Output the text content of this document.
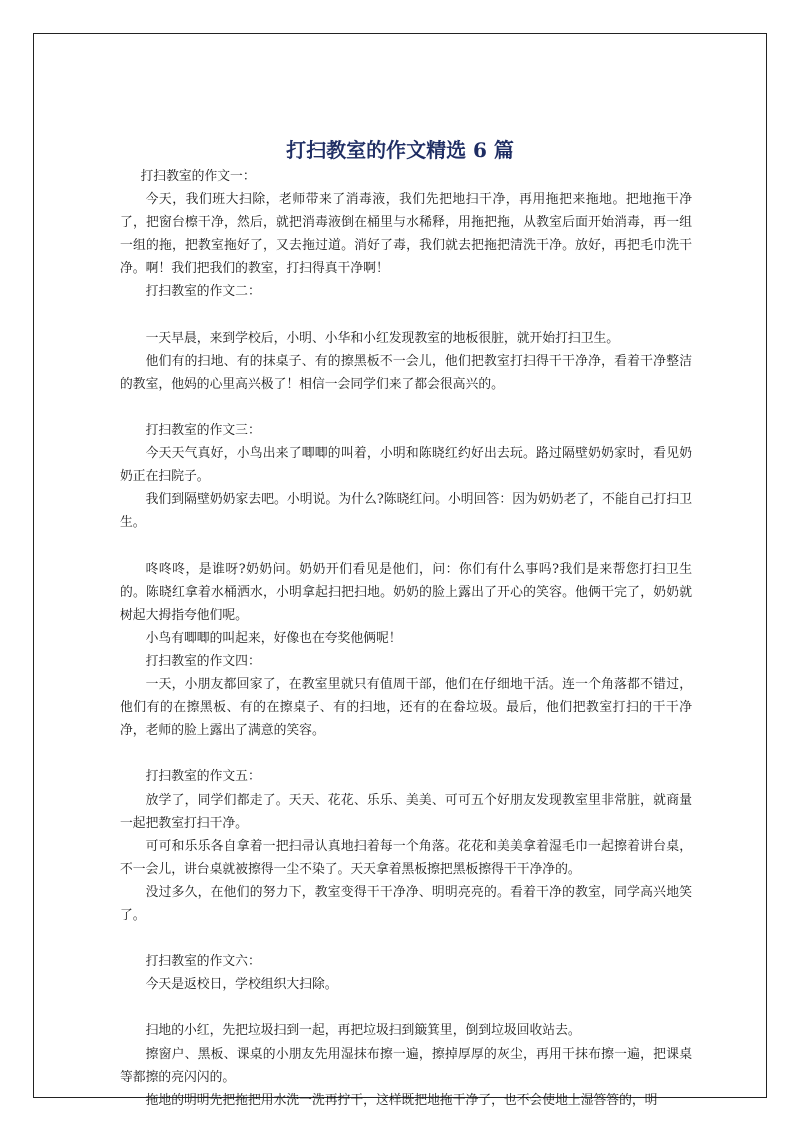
打扫教室的作文精选 6 篇

打扫教室的作文一：

今天，我们班大扫除，老师带来了消毒液，我们先把地扫干净，再用拖把来拖地。把地拖干净了，把窗台檫干净，然后，就把消毒液倒在桶里与水稀释，用拖把拖，从教室后面开始消毒，再一组一组的拖，把教室拖好了，又去拖过道。消好了毒，我们就去把拖把清洗干净。放好，再把毛巾洗干净。啊！我们把我们的教室，打扫得真干净啊！

打扫教室的作文二：

一天早晨，来到学校后，小明、小华和小红发现教室的地板很脏，就开始打扫卫生。

他们有的扫地、有的抹桌子、有的擦黑板不一会儿，他们把教室打扫得干干净净，看着干净整洁的教室，他妈的心里高兴极了！相信一会同学们来了都会很高兴的。

打扫教室的作文三：

今天天气真好，小鸟出来了唧唧的叫着，小明和陈晓红约好出去玩。路过隔壁奶奶家时，看见奶奶正在扫院子。

我们到隔壁奶奶家去吧。小明说。为什么?陈晓红问。小明回答：因为奶奶老了，不能自己打扫卫生。

咚咚咚，是谁呀?奶奶问。奶奶开们看见是他们，问：你们有什么事吗?我们是来帮您打扫卫生的。陈晓红拿着水桶洒水，小明拿起扫把扫地。奶奶的脸上露出了开心的笑容。他俩干完了，奶奶就树起大拇指夸他们呢。

小鸟有唧唧的叫起来，好像也在夸奖他俩呢！

打扫教室的作文四：

一天，小朋友都回家了，在教室里就只有值周干部，他们在仔细地干活。连一个角落都不错过，他们有的在擦黑板、有的在擦桌子、有的扫地，还有的在畚垃圾。最后，他们把教室打扫的干干净净，老师的脸上露出了满意的笑容。

打扫教室的作文五：

放学了，同学们都走了。天天、花花、乐乐、美美、可可五个好朋友发现教室里非常脏，就商量一起把教室打扫干净。

可可和乐乐各自拿着一把扫帚认真地扫着每一个角落。花花和美美拿着湿毛巾一起擦着讲台桌，不一会儿，讲台桌就被擦得一尘不染了。天天拿着黑板擦把黑板擦得干干净净的。

没过多久，在他们的努力下，教室变得干干净净、明明亮亮的。看着干净的教室，同学高兴地笑了。

打扫教室的作文六：

今天是返校日，学校组织大扫除。

扫地的小红，先把垃圾扫到一起，再把垃圾扫到簸箕里，倒到垃圾回收站去。

擦窗户、黑板、课桌的小朋友先用湿抹布擦一遍，擦掉厚厚的灰尘，再用干抹布擦一遍，把课桌等都擦的亮闪闪的。

拖地的明明先把拖把用水洗一洗再拧干，这样既把地拖干净了，也不会使地上湿答答的，明
